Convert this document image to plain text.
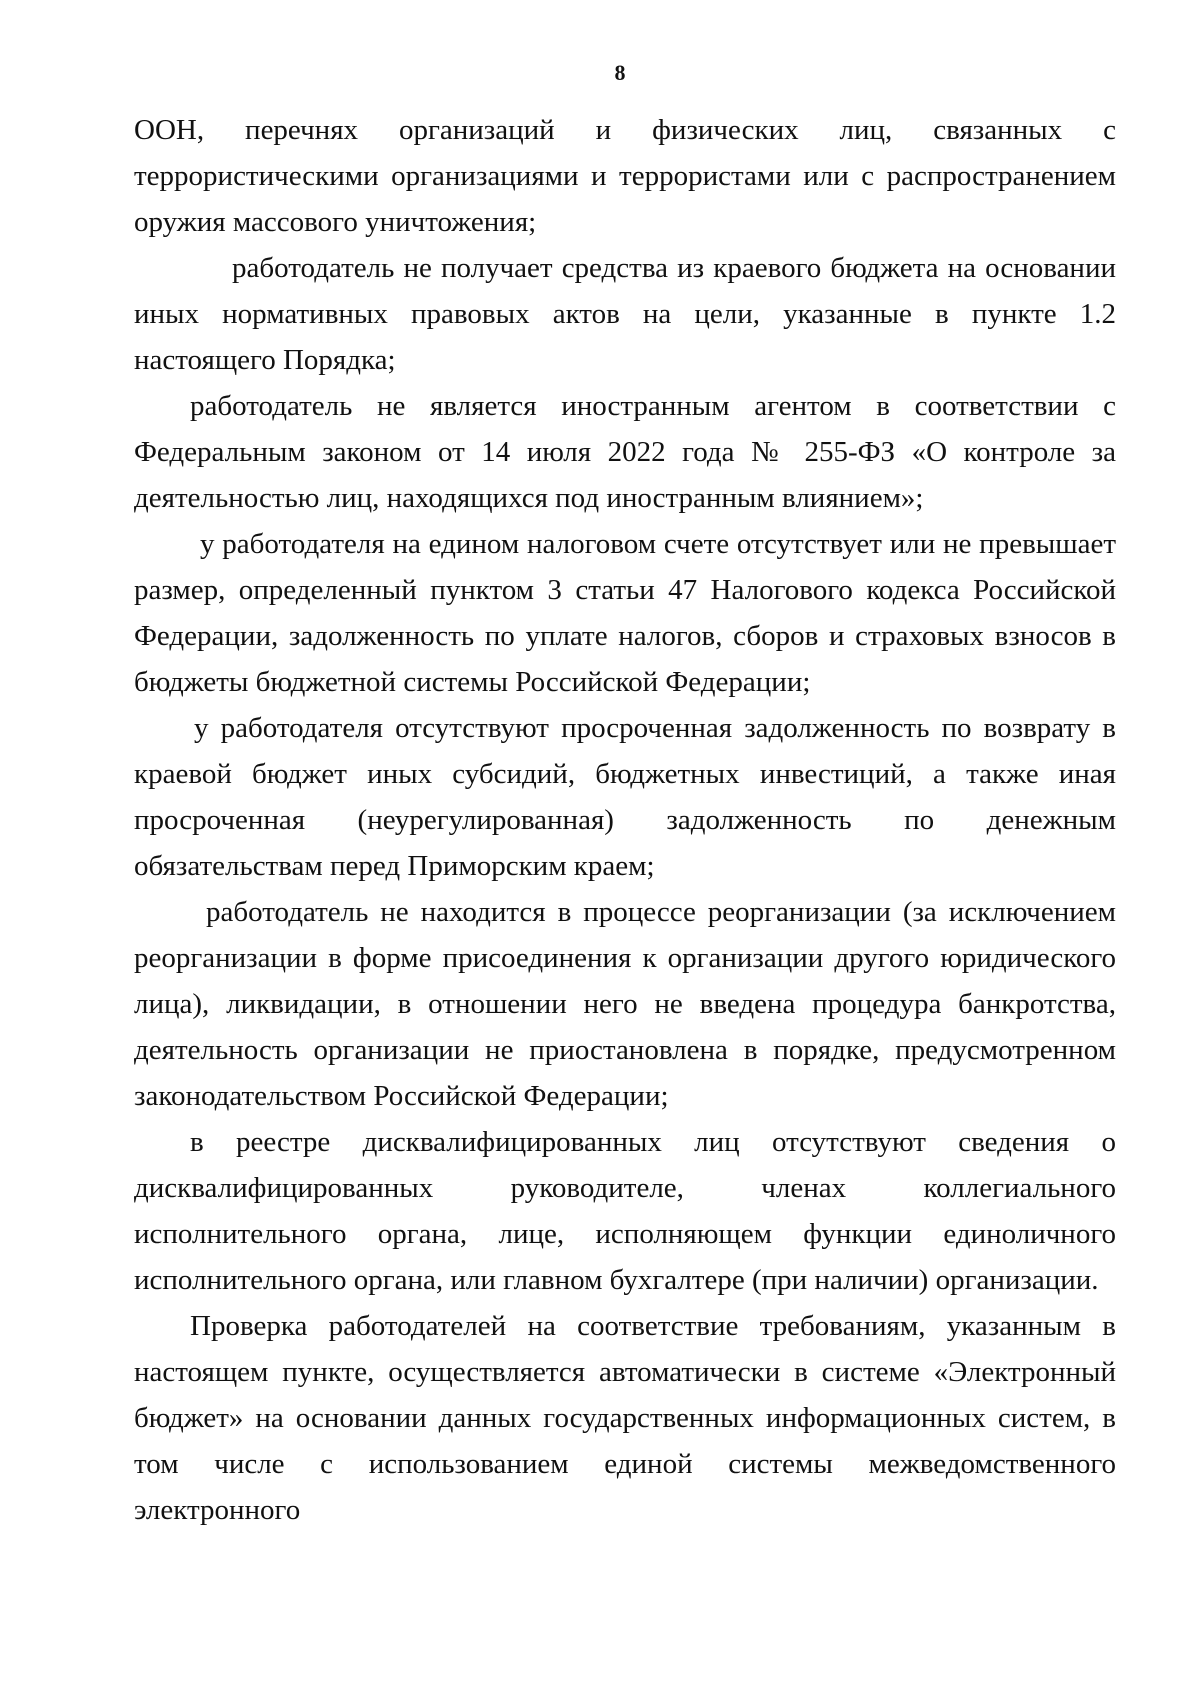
8

ООН, перечнях организаций и физических лиц, связанных с террористическими организациями и террористами или с распространением оружия массового уничтожения;

работодатель не получает средства из краевого бюджета на основании иных нормативных правовых актов на цели, указанные в пункте 1.2 настоящего Порядка;

работодатель не является иностранным агентом в соответствии с Федеральным законом от 14 июля 2022 года № 255-ФЗ «О контроле за деятельностью лиц, находящихся под иностранным влиянием»;

у работодателя на едином налоговом счете отсутствует или не превышает размер, определенный пунктом 3 статьи 47 Налогового кодекса Российской Федерации, задолженность по уплате налогов, сборов и страховых взносов в бюджеты бюджетной системы Российской Федерации;

у работодателя отсутствуют просроченная задолженность по возврату в краевой бюджет иных субсидий, бюджетных инвестиций, а также иная просроченная (неурегулированная) задолженность по денежным обязательствам перед Приморским краем;

работодатель не находится в процессе реорганизации (за исключением реорганизации в форме присоединения к организации другого юридического лица), ликвидации, в отношении него не введена процедура банкротства, деятельность организации не приостановлена в порядке, предусмотренном законодательством Российской Федерации;

в реестре дисквалифицированных лиц отсутствуют сведения о дисквалифицированных руководителе, членах коллегиального исполнительного органа, лице, исполняющем функции единоличного исполнительного органа, или главном бухгалтере (при наличии) организации.

Проверка работодателей на соответствие требованиям, указанным в настоящем пункте, осуществляется автоматически в системе «Электронный бюджет» на основании данных государственных информационных систем, в том числе с использованием единой системы межведомственного электронного
